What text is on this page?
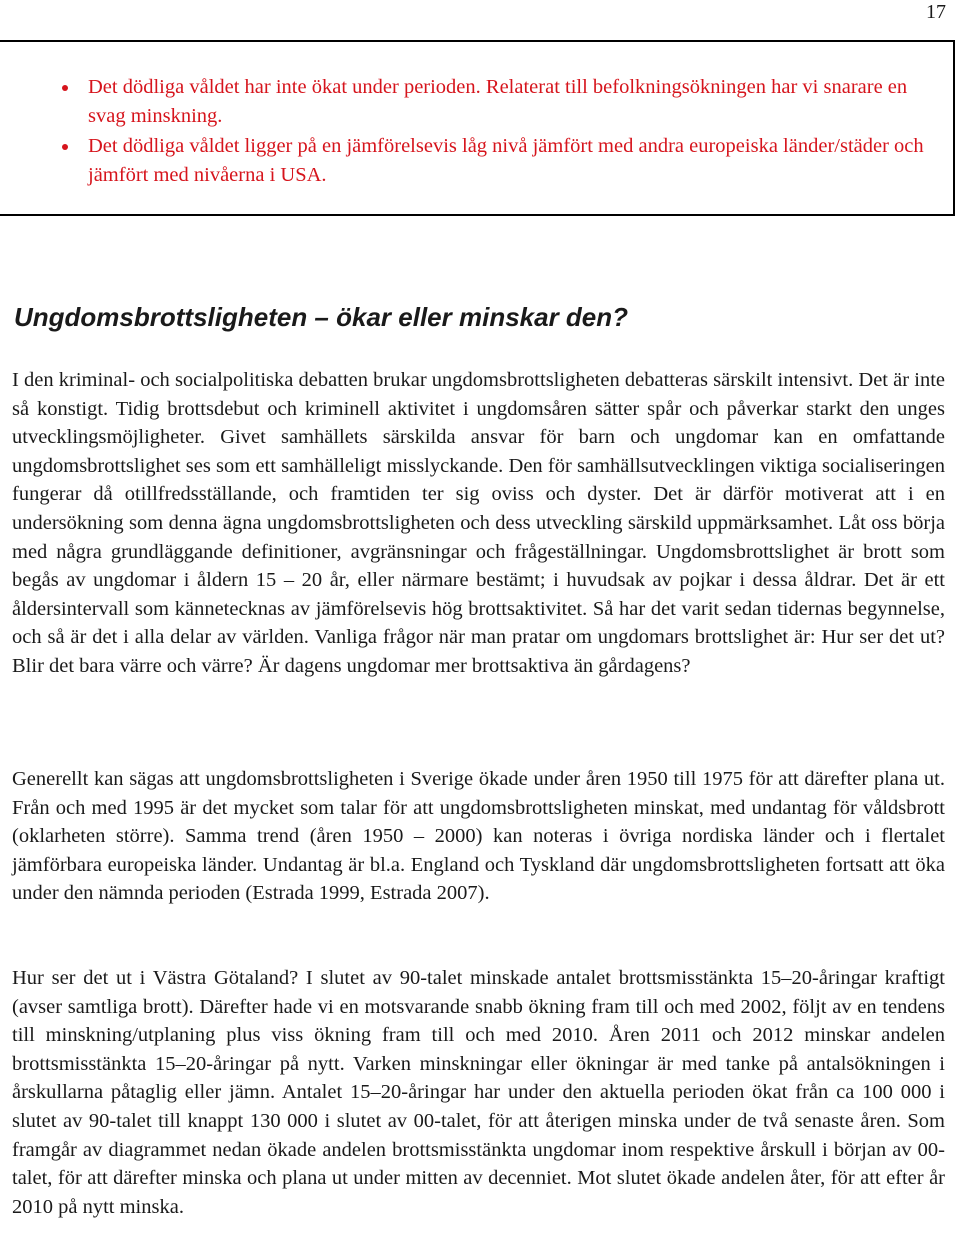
17
Det dödliga våldet har inte ökat under perioden. Relaterat till befolkningsökningen har vi snarare en svag minskning.
Det dödliga våldet ligger på en jämförelsevis låg nivå jämfört med andra europeiska länder/städer och jämfört med nivåerna i USA.
Ungdomsbrottsligheten – ökar eller minskar den?

I den kriminal- och socialpolitiska debatten brukar ungdomsbrottsligheten debatteras särskilt intensivt. Det är inte så konstigt. Tidig brottsdebut och kriminell aktivitet i ungdomsåren sätter spår och påverkar starkt den unges utvecklingsmöjligheter. Givet samhällets särskilda ansvar för barn och ungdomar kan en omfattande ungdomsbrottslighet ses som ett samhälleligt misslyckande. Den för samhällsutvecklingen viktiga socialiseringen fungerar då otillfredsställande, och framtiden ter sig oviss och dyster. Det är därför motiverat att i en undersökning som denna ägna ungdomsbrottsligheten och dess utveckling särskild uppmärksamhet. Låt oss börja med några grundläggande definitioner, avgränsningar och frågeställningar. Ungdomsbrottslighet är brott som begås av ungdomar i åldern 15 – 20 år, eller närmare bestämt; i huvudsak av pojkar i dessa åldrar. Det är ett åldersintervall som kännetecknas av jämförelsevis hög brottsaktivitet. Så har det varit sedan tidernas begynnelse, och så är det i alla delar av världen. Vanliga frågor när man pratar om ungdomars brottslighet är: Hur ser det ut? Blir det bara värre och värre? Är dagens ungdomar mer brottsaktiva än gårdagens?

Generellt kan sägas att ungdomsbrottsligheten i Sverige ökade under åren 1950 till 1975 för att därefter plana ut. Från och med 1995 är det mycket som talar för att ungdomsbrottsligheten minskat, med undantag för våldsbrott (oklarheten större). Samma trend (åren 1950 – 2000) kan noteras i övriga nordiska länder och i flertalet jämförbara europeiska länder. Undantag är bl.a. England och Tyskland där ungdomsbrottsligheten fortsatt att öka under den nämnda perioden (Estrada 1999, Estrada 2007).

Hur ser det ut i Västra Götaland? I slutet av 90-talet minskade antalet brottsmisstänkta 15–20-åringar kraftigt (avser samtliga brott). Därefter hade vi en motsvarande snabb ökning fram till och med 2002, följt av en tendens till minskning/utplaning plus viss ökning fram till och med 2010. Åren 2011 och 2012 minskar andelen brottsmisstänkta 15–20-åringar på nytt. Varken minskningar eller ökningar är med tanke på antalsökningen i årskullarna påtaglig eller jämn. Antalet 15–20-åringar har under den aktuella perioden ökat från ca 100 000 i slutet av 90-talet till knappt 130 000 i slutet av 00-talet, för att återigen minska under de två senaste åren. Som framgår av diagrammet nedan ökade andelen brottsmisstänkta ungdomar inom respektive årskull i början av 00-talet, för att därefter minska och plana ut under mitten av decenniet. Mot slutet ökade andelen åter, för att efter år 2010 på nytt minska.
